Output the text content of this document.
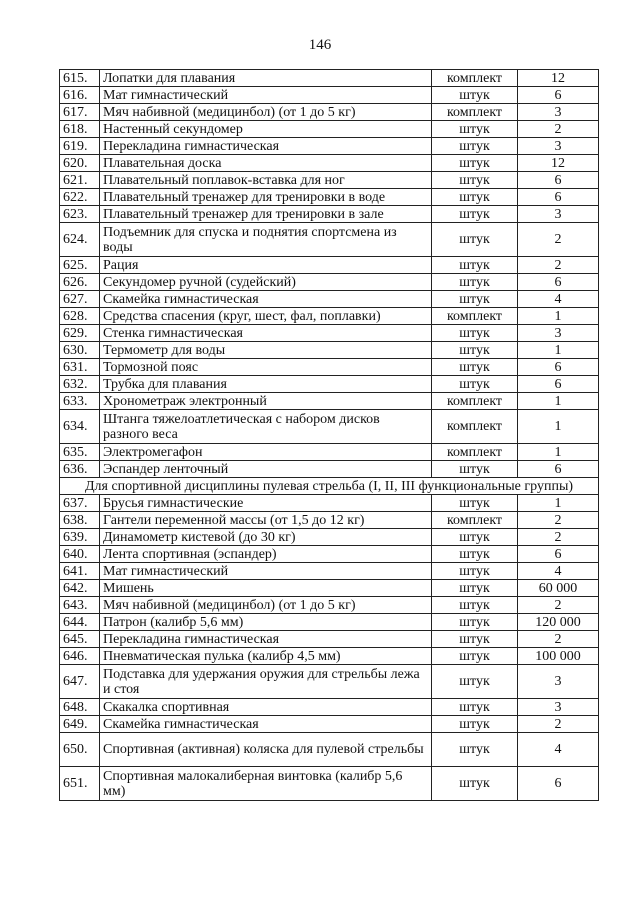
146
615.	Лопатки для плавания	комплект	12
616.	Мат гимнастический	штук	6
617.	Мяч набивной (медицинбол) (от 1 до 5 кг)	комплект	3
618.	Настенный секундомер	штук	2
619.	Перекладина гимнастическая	штук	3
620.	Плавательная доска	штук	12
621.	Плавательный поплавок-вставка для ног	штук	6
622.	Плавательный тренажер для тренировки в воде	штук	6
623.	Плавательный тренажер для тренировки в зале	штук	3
624.	Подъемник для спуска и поднятия спортсмена из воды	штук	2
625.	Рация	штук	2
626.	Секундомер ручной (судейский)	штук	6
627.	Скамейка гимнастическая	штук	4
628.	Средства спасения (круг, шест, фал, поплавки)	комплект	1
629.	Стенка гимнастическая	штук	3
630.	Термометр для воды	штук	1
631.	Тормозной пояс	штук	6
632.	Трубка для плавания	штук	6
633.	Хронометраж электронный	комплект	1
634.	Штанга тяжелоатлетическая с набором дисков разного веса	комплект	1
635.	Электромегафон	комплект	1
636.	Эспандер ленточный	штук	6
Для спортивной дисциплины пулевая стрельба (I, II, III функциональные группы)			
637.	Брусья гимнастические	штук	1
638.	Гантели переменной массы (от 1,5 до 12 кг)	комплект	2
639.	Динамометр кистевой (до 30 кг)	штук	2
640.	Лента спортивная (эспандер)	штук	6
641.	Мат гимнастический	штук	4
642.	Мишень	штук	60 000
643.	Мяч набивной (медицинбол) (от 1 до 5 кг)	штук	2
644.	Патрон (калибр 5,6 мм)	штук	120 000
645.	Перекладина гимнастическая	штук	2
646.	Пневматическая пулька (калибр 4,5 мм)	штук	100 000
647.	Подставка для удержания оружия для стрельбы лежа и стоя	штук	3
648.	Скакалка спортивная	штук	3
649.	Скамейка гимнастическая	штук	2
650.	Спортивная (активная) коляска для пулевой стрельбы	штук	4
651.	Спортивная малокалиберная винтовка (калибр 5,6 мм)	штук	6
